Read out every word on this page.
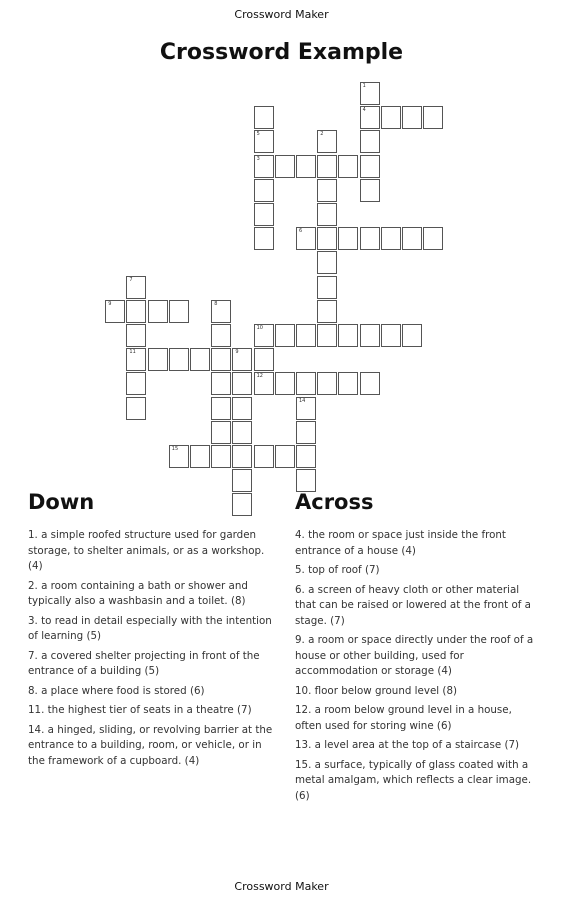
Crossword Maker
Crossword Example
1
4
5	2
3
6
7
9	8
10
11	9
12
14
15
Down
1. a simple roofed structure used for garden storage, to shelter animals, or as a workshop. (4)
2. a room containing a bath or shower and typically also a washbasin and a toilet. (8)
3. to read in detail especially with the intention of learning (5)
7. a covered shelter projecting in front of the entrance of a building (5)
8. a place where food is stored (6)
11. the highest tier of seats in a theatre (7)
14. a hinged, sliding, or revolving barrier at the entrance to a building, room, or vehicle, or in the framework of a cupboard. (4)
Across
4. the room or space just inside the front entrance of a house (4)
5. top of roof (7)
6. a screen of heavy cloth or other material that can be raised or lowered at the front of a stage. (7)
9. a room or space directly under the roof of a house or other building, used for accommodation or storage (4)
10. floor below ground level (8)
12. a room below ground level in a house, often used for storing wine (6)
13. a level area at the top of a staircase (7)
15. a surface, typically of glass coated with a metal amalgam, which reflects a clear image. (6)
Crossword Maker
